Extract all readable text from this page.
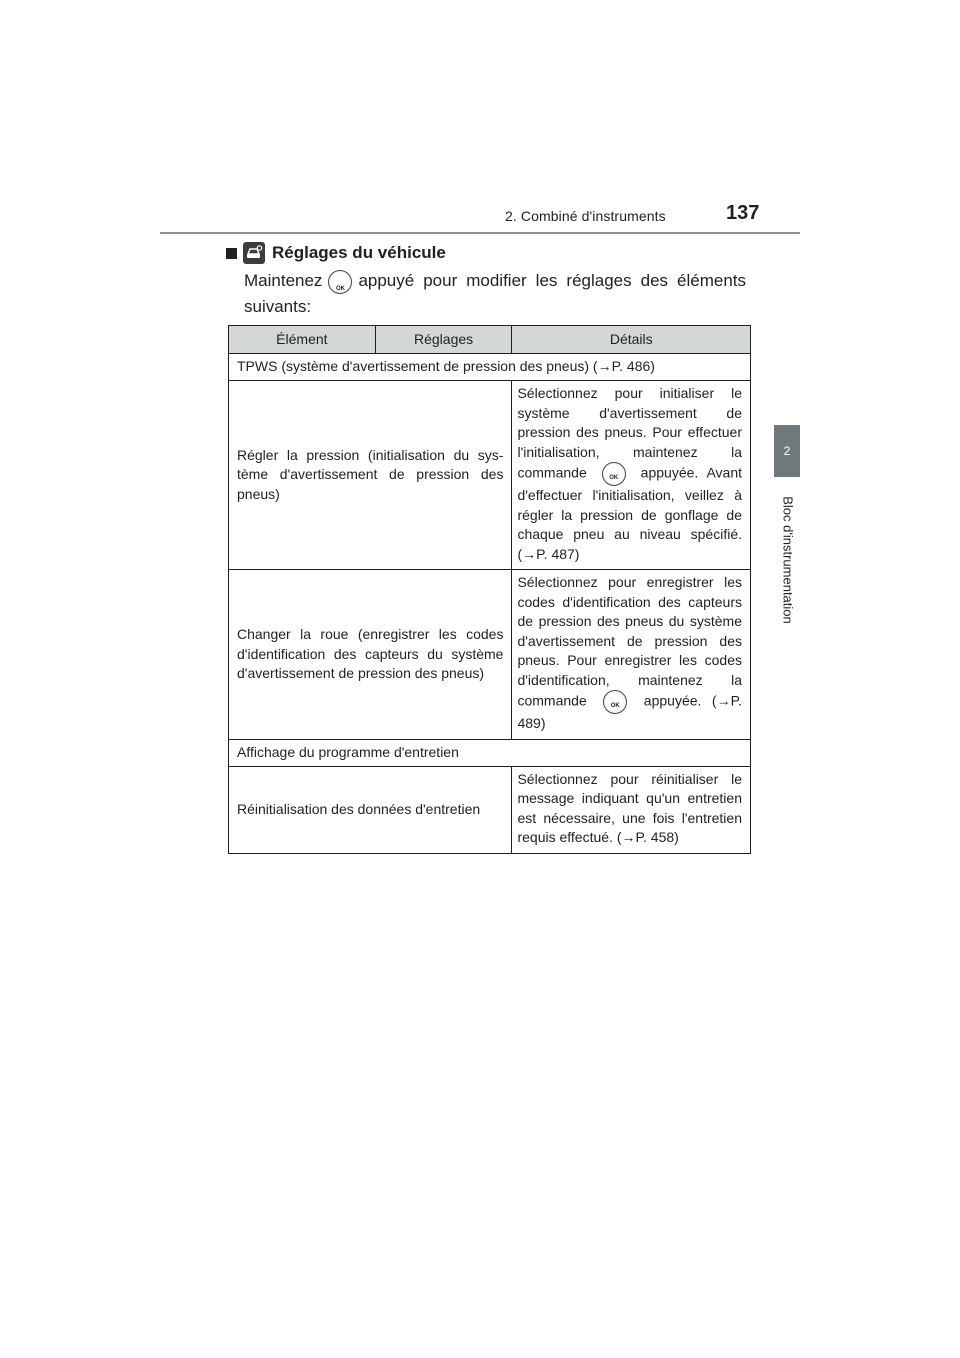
2. Combiné d'instruments	137
2
Bloc d'instrumentation
Réglages du véhicule
Maintenez OK appuyé pour modifier les réglages des éléments suivants:
Élément	Réglages	Détails
TPWS (système d'avertissement de pression des pneus) (→P. 486)		
Régler la pression (initialisation du système d'avertissement de pression des pneus)		Sélectionnez pour initialiser le système d'avertissement de pression des pneus. Pour effectuer l'initialisation, maintenez la commande OK appuyée. Avant d'effectuer l'initialisation, veillez à régler la pression de gonflage de chaque pneu au niveau spécifié. (→P. 487)
Changer la roue (enregistrer les codes d'identification des capteurs du système d'avertissement de pression des pneus)		Sélectionnez pour enregistrer les codes d'identification des capteurs de pression des pneus du système d'avertissement de pression des pneus. Pour enregistrer les codes d'identification, maintenez la commande OK appuyée. (→P. 489)
Affichage du programme d'entretien		
Réinitialisation des données d'entretien		Sélectionnez pour réinitialiser le message indiquant qu'un entretien est nécessaire, une fois l'entretien requis effectué. (→P. 458)
